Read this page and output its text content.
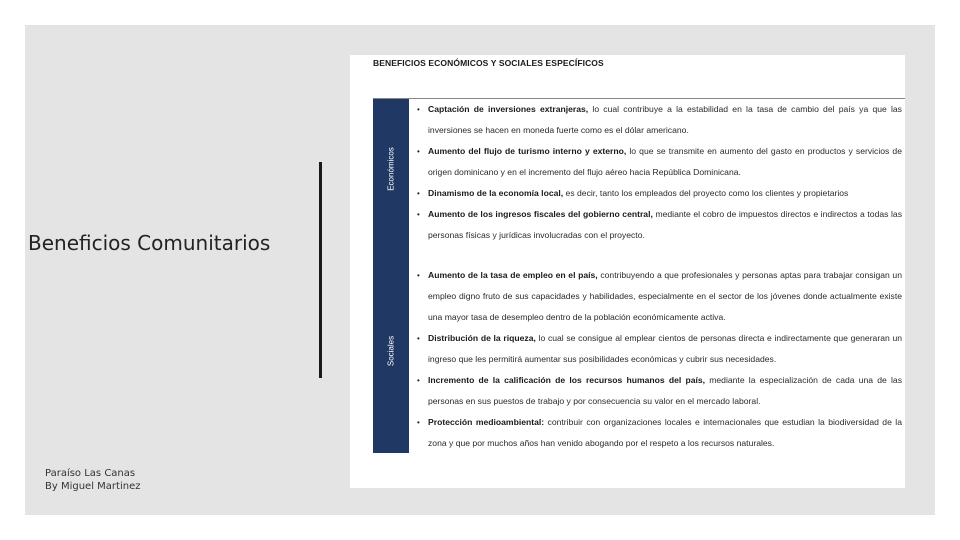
Beneficios Comunitarios
Paraíso Las Canas
By Miguel Martinez
BENEFICIOS ECONÓMICOS Y SOCIALES ESPECÍFICOS
Económicos
Sociales
• Captación de inversiones extranjeras, lo cual contribuye a la estabilidad en la tasa de cambio del país ya que las inversiones se hacen en moneda fuerte como es el dólar americano.
• Aumento del flujo de turismo interno y externo, lo que se transmite en aumento del gasto en productos y servicios de origen dominicano y en el incremento del flujo aéreo hacia República Dominicana.
• Dinamismo de la economía local, es decir, tanto los empleados del proyecto como los clientes y propietarios
• Aumento de los ingresos fiscales del gobierno central, mediante el cobro de impuestos directos e indirectos a todas las personas físicas y jurídicas involucradas con el proyecto.
• Aumento de la tasa de empleo en el país, contribuyendo a que profesionales y personas aptas para trabajar consigan un empleo digno fruto de sus capacidades y habilidades, especialmente en el sector de los jóvenes donde actualmente existe una mayor tasa de desempleo dentro de la población económicamente activa.
• Distribución de la riqueza, lo cual se consigue al emplear cientos de personas directa e indirectamente que generaran un ingreso que les permitirá aumentar sus posibilidades económicas y cubrir sus necesidades.
• Incremento de la calificación de los recursos humanos del país, mediante la especialización de cada una de las personas en sus puestos de trabajo y por consecuencia su valor en el mercado laboral.
• Protección medioambiental: contribuir con organizaciones locales e internacionales que estudian la biodiversidad de la zona y que por muchos años han venido abogando por el respeto a los recursos naturales.
